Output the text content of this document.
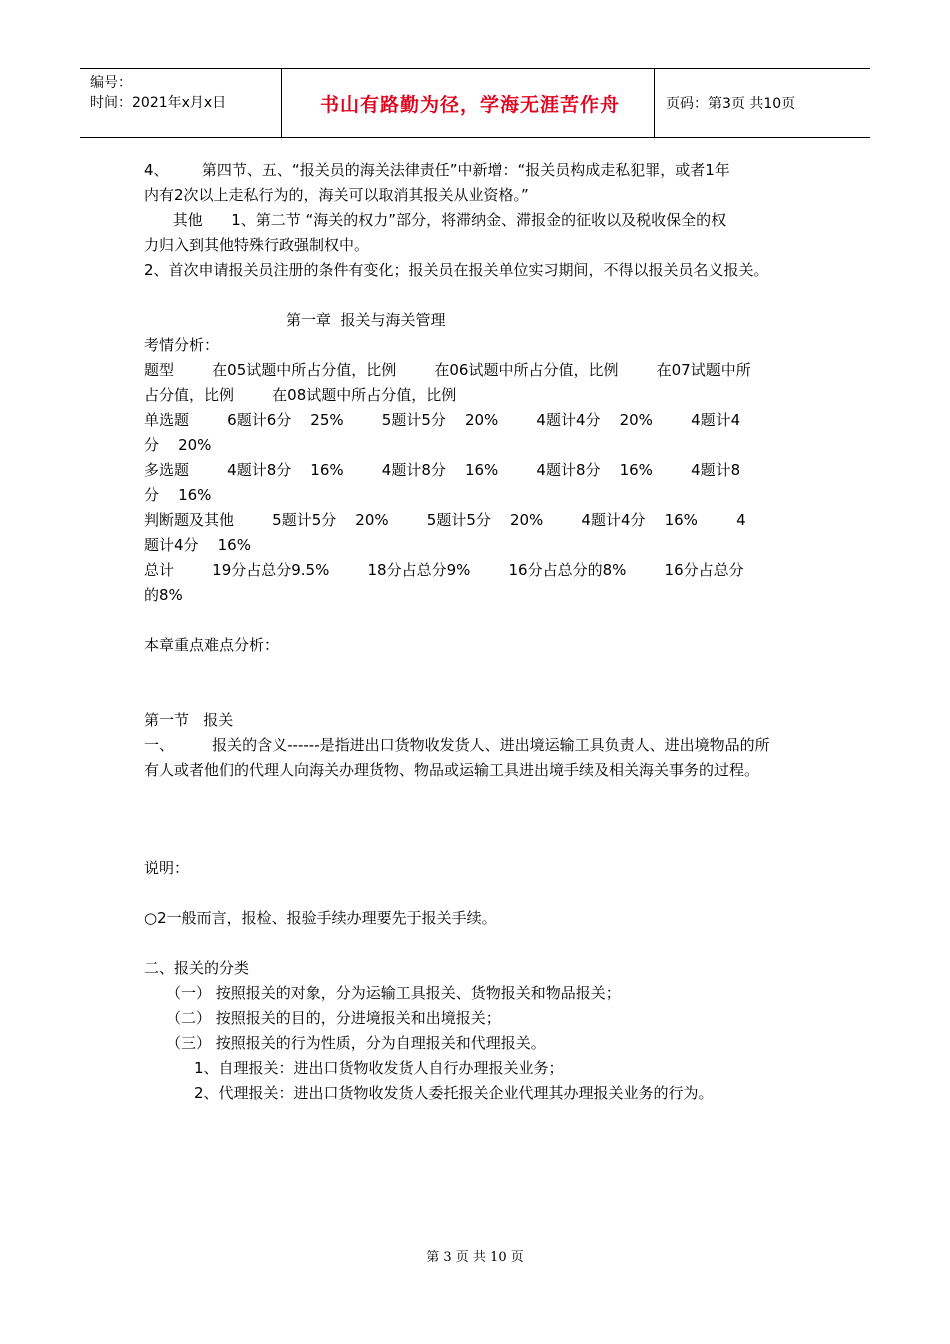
编号：
时间：2021年x月x日	书山有路勤为径，学海无涯苦作舟	页码：第3页 共10页
4、       第四节、五、“报关员的海关法律责任”中新增：“报关员构成走私犯罪，或者1年
内有2次以上走私行为的，海关可以取消其报关从业资格。”
其他      1、第二节 “海关的权力”部分，将滞纳金、滞报金的征收以及税收保全的权
力归入到其他特殊行政强制权中。
2、首次申请报关员注册的条件有变化；报关员在报关单位实习期间，不得以报关员名义报关。
第一章  报关与海关管理
考情分析：
题型        在05试题中所占分值，比例        在06试题中所占分值，比例        在07试题中所
占分值，比例        在08试题中所占分值，比例
单选题        6题计6分    25%        5题计5分    20%        4题计4分    20%        4题计4
分    20%
多选题        4题计8分    16%        4题计8分    16%        4题计8分    16%        4题计8
分    16%
判断题及其他        5题计5分    20%        5题计5分    20%        4题计4分    16%        4
题计4分    16%
总计        19分占总分9.5%        18分占总分9%        16分占总分的8%        16分占总分
的8%
本章重点难点分析：
第一节   报关
一、        报关的含义------是指进出口货物收发货人、进出境运输工具负责人、进出境物品的所
有人或者他们的代理人向海关办理货物、物品或运输工具进出境手续及相关海关事务的过程。
说明：
○2一般而言，报检、报验手续办理要先于报关手续。
二、报关的分类
（一） 按照报关的对象，分为运输工具报关、货物报关和物品报关；
（二） 按照报关的目的，分进境报关和出境报关；
（三） 按照报关的行为性质，分为自理报关和代理报关。
1、自理报关：进出口货物收发货人自行办理报关业务；
2、代理报关：进出口货物收发货人委托报关企业代理其办理报关业务的行为。
第 3 页 共 10 页
